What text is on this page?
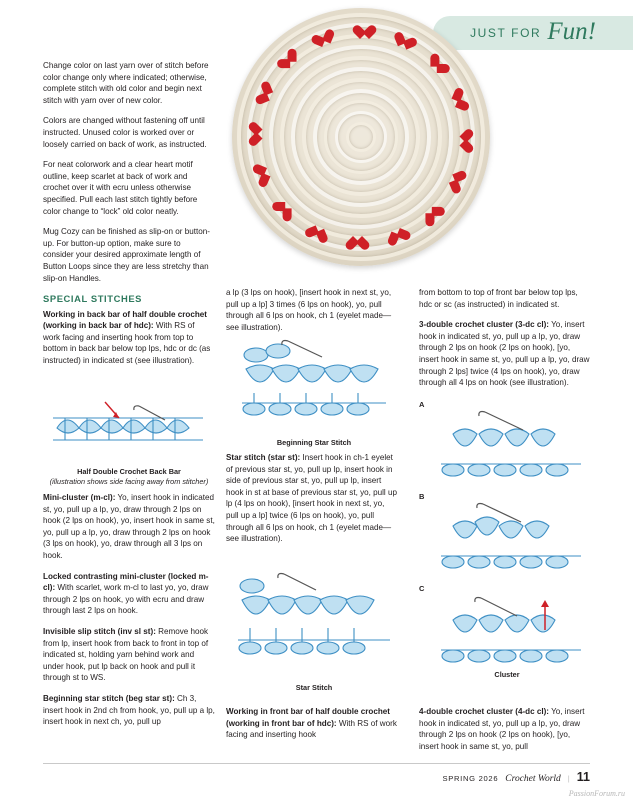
JUST FOR Fun!

Change color on last yarn over of stitch before color change only where indicated; otherwise, complete stitch with old color and begin next stitch with yarn over of new color.

Colors are changed without fastening off until instructed. Unused color is worked over or loosely carried on back of work, as instructed.

For neat colorwork and a clear heart motif outline, keep scarlet at back of work and crochet over it with ecru unless otherwise specified. Pull each last stitch tightly before color change to “lock” old color neatly.

Mug Cozy can be finished as slip-on or button-up. For button-up option, make sure to consider your desired approximate length of Button Loops since they are less stretchy than slip-on Handles.

SPECIAL STITCHES

Working in back bar of half double crochet (working in back bar of hdc): With RS of work facing and inserting hook from top to bottom in back bar below top lps, hdc or dc (as instructed) in indicated st (see illustration).

Half Double Crochet Back Bar
(illustration shows side facing away from stitcher)

Mini-cluster (m-cl): Yo, insert hook in indicated st, yo, pull up a lp, yo, draw through 2 lps on hook (2 lps on hook), yo, insert hook in same st, yo, pull up a lp, yo, draw through 2 lps on hook (3 lps on hook), yo, draw through all 3 lps on hook.

Locked contrasting mini-cluster (locked m-cl): With scarlet, work m-cl to last yo, yo, draw through 2 lps on hook, yo with ecru and draw through last 2 lps on hook.

Invisible slip stitch (inv sl st): Remove hook from lp, insert hook from back to front in top of indicated st, holding yarn behind work and under hook, put lp back on hook and pull it through st to WS.

Beginning star stitch (beg star st): Ch 3, insert hook in 2nd ch from hook, yo, pull up a lp, insert hook in next ch, yo, pull up

a lp (3 lps on hook), [insert hook in next st, yo, pull up a lp] 3 times (6 lps on hook), yo, pull through all 6 lps on hook, ch 1 (eyelet made—see illustration).

Beginning Star Stitch

Star stitch (star st): Insert hook in ch-1 eyelet of previous star st, yo, pull up lp, insert hook in side of previous star st, yo, pull up lp, insert hook in st at base of previous star st, yo, pull up lp (4 lps on hook), [insert hook in next st, yo, pull up a lp] twice (6 lps on hook), yo, pull through all 6 lps on hook, ch 1 (eyelet made—see illustration).

Star Stitch

Working in front bar of half double crochet (working in front bar of hdc): With RS of work facing and inserting hook

from bottom to top of front bar below top lps, hdc or sc (as instructed) in indicated st.

3-double crochet cluster (3-dc cl): Yo, insert hook in indicated st, yo, pull up a lp, yo, draw through 2 lps on hook (2 lps on hook), [yo, insert hook in same st, yo, pull up a lp, yo, draw through 2 lps] twice (4 lps on hook), yo, draw through all 4 lps on hook (see illustration).

A
B
C
Cluster

4-double crochet cluster (4-dc cl): Yo, insert hook in indicated st, yo, pull up a lp, yo, draw through 2 lps on hook (2 lps on hook), [yo, insert hook in same st, yo, pull

SPRING 2026 Crochet World | 11
PassionForum.ru
